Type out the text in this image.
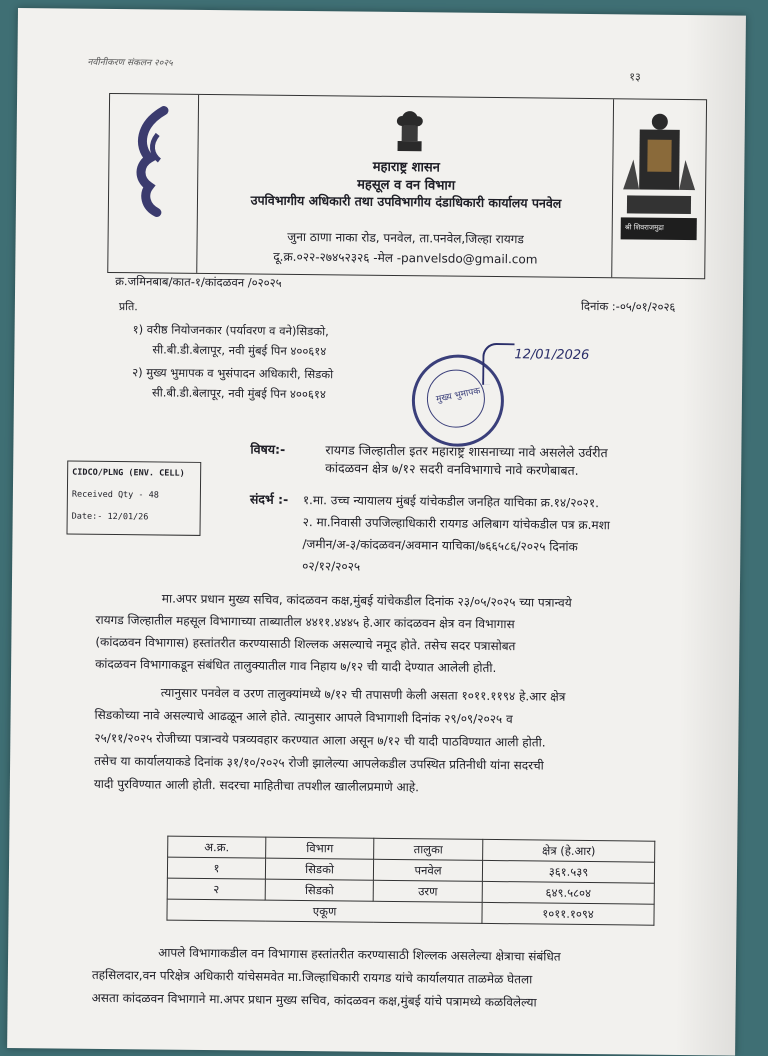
नवीनीकरण संकलन २०२५
१३
महाराष्ट्र शासन
महसूल व वन विभाग
उपविभागीय अधिकारी तथा उपविभागीय दंडाधिकारी कार्यालय पनवेल
जुना ठाणा नाका रोड, पनवेल, ता.पनवेल,जिल्हा रायगड
दू.क्र.०२२-२७४५२३२६ -मेल -panvelsdo@gmail.com
श्री शिवराजमुद्रा
क्र.जमिनबाब/कात-१/कांदळवन /०२०२५
दिनांक :-०५/०१/२०२६
प्रति.
१) वरीष्ठ नियोजनकार (पर्यावरण व वने)सिडको,
सी.बी.डी.बेलापूर, नवी मुंबई पिन ४००६१४
२) मुख्य भुमापक व भुसंपादन अधिकारी, सिडको
सी.बी.डी.बेलापूर, नवी मुंबई पिन ४००६१४	मुख्य भुमापक
12/01/2026
CIDCO/PLNG (ENV. CELL)
Received Qty - 48
Date:- 12/01/26
विषय:-	रायगड जिल्हातील इतर महाराष्ट्र शासनाच्या नावे असलेले उर्वरीत
कांदळवन क्षेत्र ७/१२ सदरी वनविभागाचे नावे करणेबाबत.
संदर्भ :- १.मा. उच्च न्यायालय मुंबई यांचेकडील जनहित याचिका क्र.१४/२०२१.
२. मा.निवासी उपजिल्हाधिकारी रायगड अलिबाग यांचेकडील पत्र क्र.मशा
/जमीन/अ-३/कांदळवन/अवमान याचिका/७६६५८६/२०२५ दिनांक
०२/१२/२०२५
मा.अपर प्रधान मुख्य सचिव, कांदळवन कक्ष,मुंबई यांचेकडील दिनांक २३/०५/२०२५ च्या पत्रान्वये
रायगड जिल्हातील महसूल विभागाच्या ताब्यातील ४४११.४४४५ हे.आर कांदळवन क्षेत्र वन विभागास
(कांदळवन विभागास) हस्तांतरीत करण्यासाठी शिल्लक असल्याचे नमूद होते. तसेच सदर पत्रासोबत
कांदळवन विभागाकडून संबंधित तालुक्यातील गाव निहाय ७/१२ ची यादी देण्यात आलेली होती.
त्यानुसार पनवेल व उरण तालुक्यांमध्ये ७/१२ ची तपासणी केली असता १०११.११९४ हे.आर क्षेत्र
सिडकोच्या नावे असल्याचे आढळून आले होते. त्यानुसार आपले विभागाशी दिनांक २९/०९/२०२५ व
२५/११/२०२५ रोजीच्या पत्रान्वये पत्रव्यवहार करण्यात आला असून ७/१२ ची यादी पाठविण्यात आली होती.
तसेच या कार्यालयाकडे दिनांक ३१/१०/२०२५ रोजी झालेल्या आपलेकडील उपस्थित प्रतिनीधी यांना सदरची
यादी पुरविण्यात आली होती. सदरचा माहितीचा तपशील खालीलप्रमाणे आहे.
अ.क्र.	विभाग	तालुका	क्षेत्र (हे.आर)
१	सिडको	पनवेल	३६१.५३९
२	सिडको	उरण	६४९.५८०४
एकूण			१०११.१०९४
आपले विभागाकडील वन विभागास हस्तांतरीत करण्यासाठी शिल्लक असलेल्या क्षेत्राचा संबंधित
तहसिलदार,वन परिक्षेत्र अधिकारी यांचेसमवेत मा.जिल्हाधिकारी रायगड यांचे कार्यालयात ताळमेळ घेतला
असता कांदळवन विभागाने मा.अपर प्रधान मुख्य सचिव, कांदळवन कक्ष,मुंबई यांचे पत्रामध्ये कळविलेल्या
